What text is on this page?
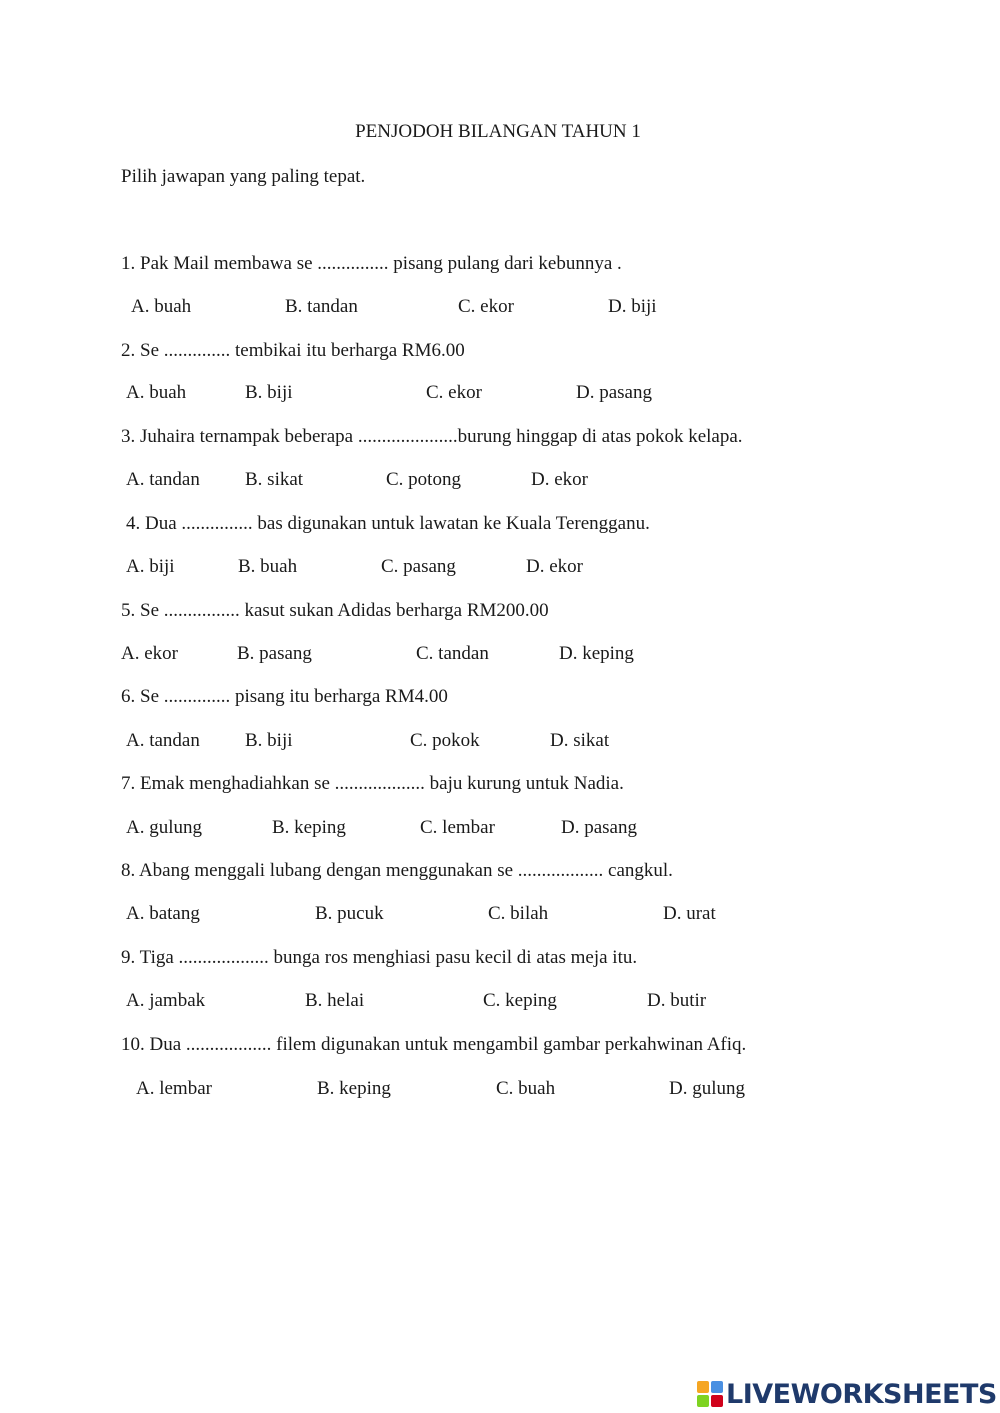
PENJODOH BILANGAN TAHUN 1
Pilih jawapan yang paling tepat.
1. Pak Mail membawa se ............... pisang pulang dari kebunnya .
A. buah	B. tandan	C. ekor	D. biji
2. Se .............. tembikai itu berharga RM6.00
A. buah	B. biji	C. ekor	D. pasang
3. Juhaira ternampak beberapa .....................burung hinggap di atas pokok kelapa.
A. tandan B. sikat	C. potong	D. ekor
4. Dua ............... bas digunakan untuk lawatan ke Kuala Terengganu.
A. biji	B. buah	C. pasang	D. ekor
5. Se ................ kasut sukan Adidas berharga RM200.00
A. ekor	B. pasang	C. tandan	D. keping
6. Se .............. pisang itu berharga RM4.00
A. tandan B. biji	C. pokok	D. sikat
7. Emak menghadiahkan se ................... baju kurung untuk Nadia.
A. gulung	B. keping	C. lembar	D. pasang
8. Abang menggali lubang dengan menggunakan se .................. cangkul.
A. batang	B. pucuk	C. bilah	D. urat
9. Tiga ................... bunga ros menghiasi pasu kecil di atas meja itu.
A. jambak	B. helai	C. keping	D. butir
10. Dua .................. filem digunakan untuk mengambil gambar perkahwinan Afiq.
A. lembar	B. keping	C. buah	D. gulung
LIVEWORKSHEETS
